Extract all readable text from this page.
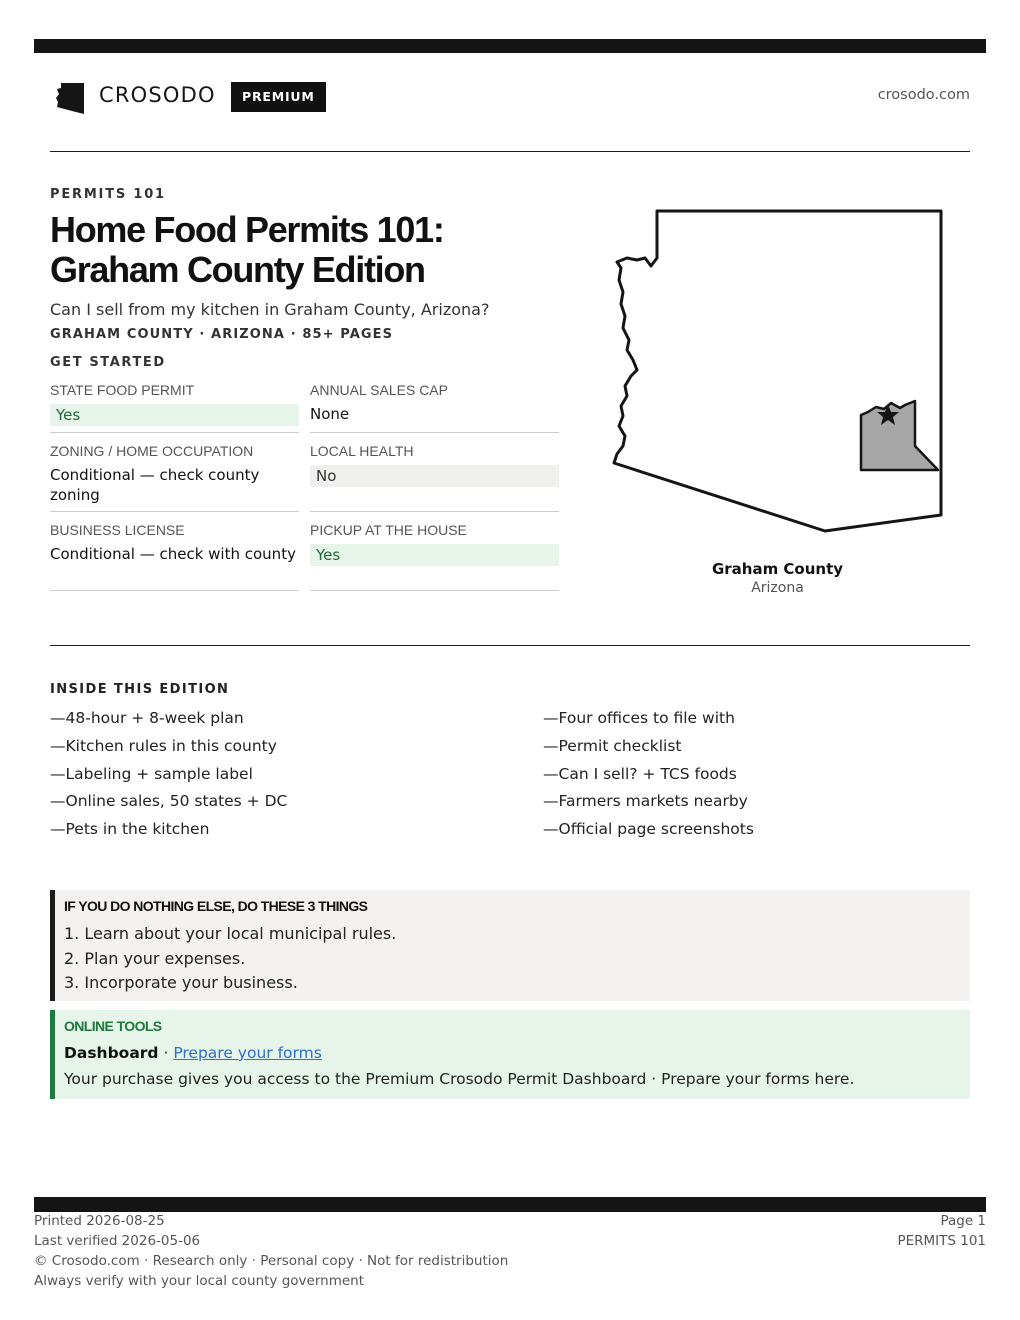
CROSODO	PREMIUM	crosodo.com
PERMITS 101
Home Food Permits 101: Graham County Edition
Can I sell from my kitchen in Graham County, Arizona?
GRAHAM COUNTY · ARIZONA · 85+ PAGES
GET STARTED
STATE FOOD PERMIT
Yes
ANNUAL SALES CAP
None
ZONING / HOME OCCUPATION
Conditional — check county zoning
LOCAL HEALTH
No
BUSINESS LICENSE
Conditional — check with county
PICKUP AT THE HOUSE
Yes
Graham County
Arizona
INSIDE THIS EDITION
—48-hour + 8-week plan
—Kitchen rules in this county
—Labeling + sample label
—Online sales, 50 states + DC
—Pets in the kitchen
—Four offices to file with
—Permit checklist
—Can I sell? + TCS foods
—Farmers markets nearby
—Official page screenshots
IF YOU DO NOTHING ELSE, DO THESE 3 THINGS
1. Learn about your local municipal rules.
2. Plan your expenses.
3. Incorporate your business.
ONLINE TOOLS
Dashboard · Prepare your forms
Your purchase gives you access to the Premium Crosodo Permit Dashboard · Prepare your forms here.
Printed 2026-08-25
Last verified 2026-05-06
© Crosodo.com · Research only · Personal copy · Not for redistribution
Always verify with your local county government
Page 1
PERMITS 101
